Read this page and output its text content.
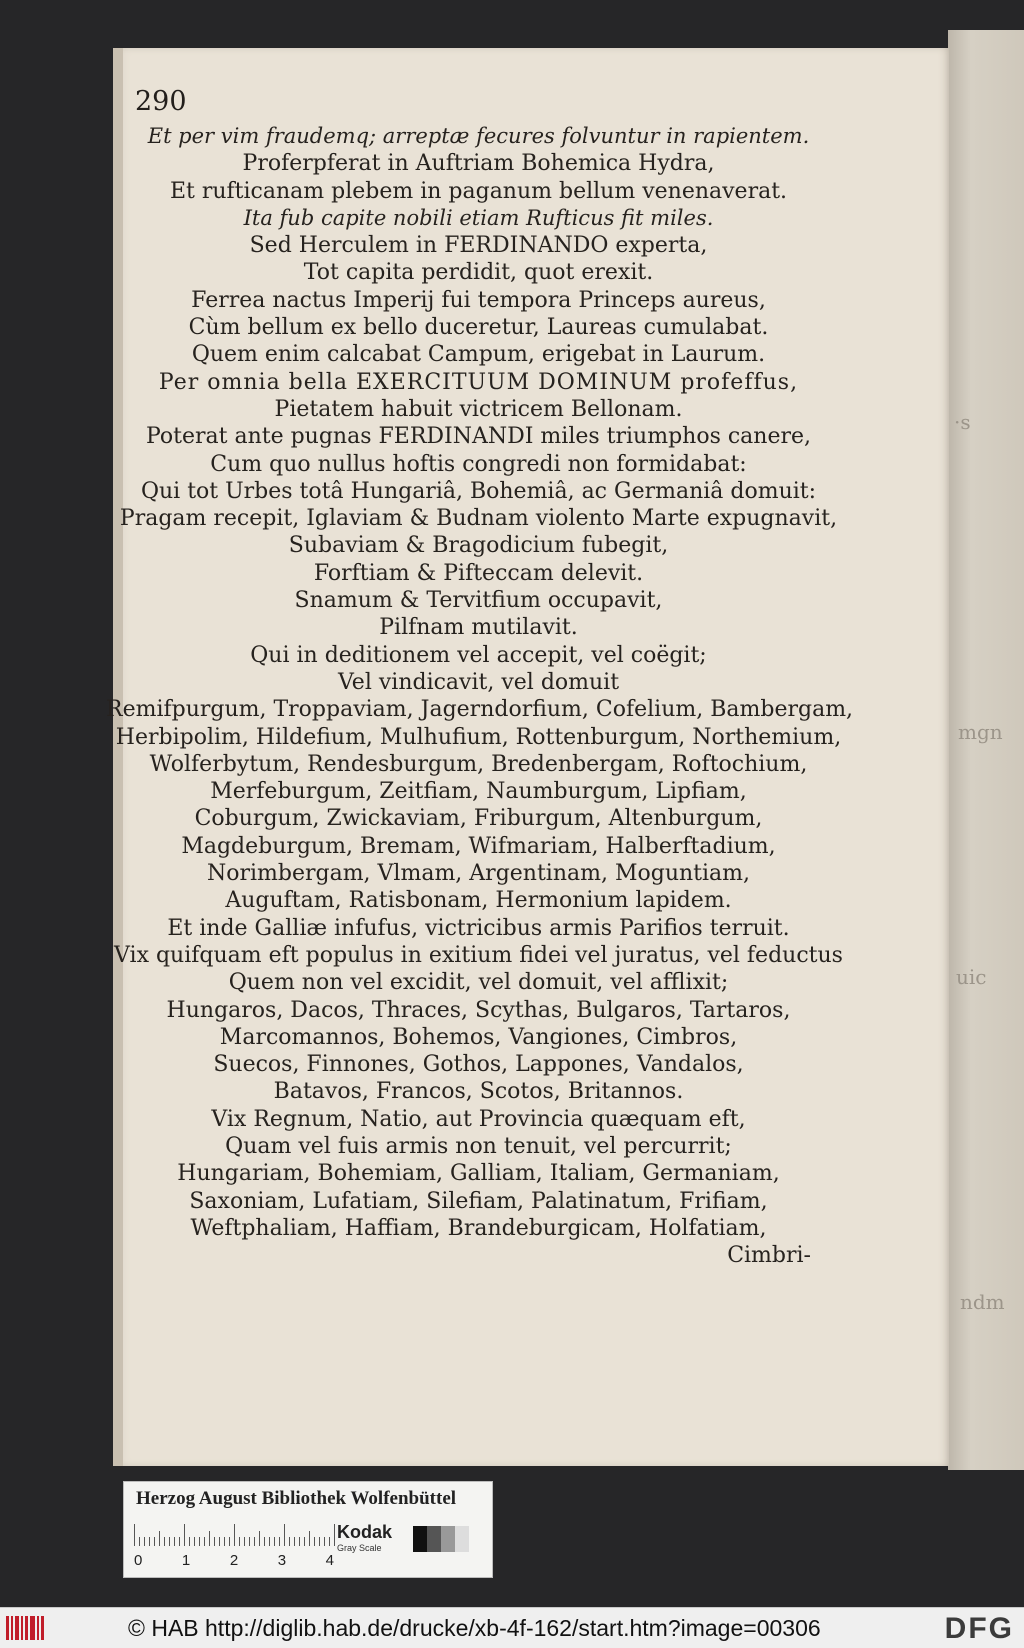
·s
mgn
uic
ndm
290
Et per vim fraudemq; arreptæ fecures folvuntur in rapientem.
Proferpferat in Auftriam Bohemica Hydra,
Et rufticanam plebem in paganum bellum venenaverat.
Ita fub capite nobili etiam Rufticus fit miles.
Sed Herculem in FERDINANDO experta,
Tot capita perdidit, quot erexit.
Ferrea nactus Imperij fui tempora Princeps aureus,
Cùm bellum ex bello duceretur, Laureas cumulabat.
Quem enim calcabat Campum, erigebat in Laurum.
Per omnia bella EXERCITUUM DOMINUM profeffus,
Pietatem habuit victricem Bellonam.
Poterat ante pugnas FERDINANDI miles triumphos canere,
Cum quo nullus hoftis congredi non formidabat:
Qui tot Urbes totâ Hungariâ, Bohemiâ, ac Germaniâ domuit:
Pragam recepit, Iglaviam & Budnam violento Marte expugnavit,
Subaviam & Bragodicium fubegit,
Forftiam & Pifteccam delevit.
Snamum & Tervitfium occupavit,
Pilfnam mutilavit.
Qui in deditionem vel accepit, vel coëgit;
Vel vindicavit, vel domuit
Remifpurgum, Troppaviam, Jagerndorfium, Cofelium, Bambergam,
Herbipolim, Hildefium, Mulhufium, Rottenburgum, Northemium,
Wolferbytum, Rendesburgum, Bredenbergam, Roftochium,
Merfeburgum, Zeitfiam, Naumburgum, Lipfiam,
Coburgum, Zwickaviam, Friburgum, Altenburgum,
Magdeburgum, Bremam, Wifmariam, Halberftadium,
Norimbergam, Vlmam, Argentinam, Moguntiam,
Auguftam, Ratisbonam, Hermonium lapidem.
Et inde Galliæ infufus, victricibus armis Parifios terruit.
Vix quifquam eft populus in exitium fidei vel juratus, vel feductus
Quem non vel excidit, vel domuit, vel afflixit;
Hungaros, Dacos, Thraces, Scythas, Bulgaros, Tartaros,
Marcomannos, Bohemos, Vangiones, Cimbros,
Suecos, Finnones, Gothos, Lappones, Vandalos,
Batavos, Francos, Scotos, Britannos.
Vix Regnum, Natio, aut Provincia quæquam eft,
Quam vel fuis armis non tenuit, vel percurrit;
Hungariam, Bohemiam, Galliam, Italiam, Germaniam,
Saxoniam, Lufatiam, Silefiam, Palatinatum, Frifiam,
Weftphaliam, Haffiam, Brandeburgicam, Holfatiam,
Cimbri-
Herzog August Bibliothek Wolfenbüttel
0	1	2	3	4
Kodak
Gray Scale
© HAB http://diglib.hab.de/drucke/xb-4f-162/start.htm?image=00306	DFG
